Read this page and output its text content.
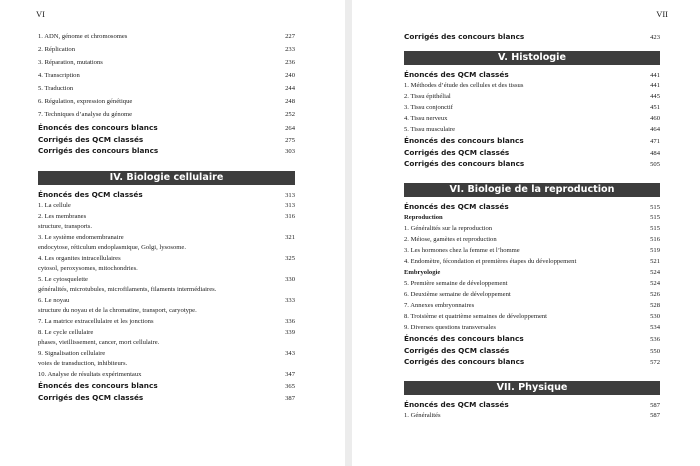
VI
1. ADN, génome et chromosomes	227
2. Réplication	233
3. Réparation, mutations	236
4. Transcription	240
5. Traduction	244
6. Régulation, expression génétique	248
7. Techniques d’analyse du génome	252
Énoncés des concours blancs	264
Corrigés des QCM classés	275
Corrigés des concours blancs	303
IV. Biologie cellulaire
Énoncés des QCM classés	313
1. La cellule	313
2. Les membranes	316
structure, transports.
3. Le système endomembranaire	321
endocytose, réticulum endoplasmique, Golgi, lysosome.
4. Les organites intracellulaires	325
cytosol, peroxysomes, mitochondries.
5. Le cytosquelette	330
généralités, microtubules, microfilaments, filaments intermédiaires.
6. Le noyau	333
structure du noyau et de la chromatine, transport, caryotype.
7. La matrice extracellulaire et les jonctions	336
8. Le cycle cellulaire	339
phases, vieillissement, cancer, mort cellulaire.
9. Signalisation cellulaire	343
voies de transduction, inhibiteurs.
10. Analyse de résultats expérimentaux	347
Énoncés des concours blancs	365
Corrigés des QCM classés	387
VII
Corrigés des concours blancs	423
V. Histologie
Énoncés des QCM classés	441
1. Méthodes d’étude des cellules et des tissus	441
2. Tissu épithélial	445
3. Tissu conjonctif	451
4. Tissu nerveux	460
5. Tissu musculaire	464
Énoncés des concours blancs	471
Corrigés des QCM classés	484
Corrigés des concours blancs	505
VI. Biologie de la reproduction
Énoncés des QCM classés	515
Reproduction	515
1. Généralités sur la reproduction	515
2. Méiose, gamètes et reproduction	516
3. Les hormones chez la femme et l’homme	519
4. Endomètre, fécondation et premières étapes du développement	521
Embryologie	524
5. Première semaine de développement	524
6. Deuxième semaine de développement	526
7. Annexes embryonnaires	528
8. Troisième et quatrième semaines de développement	530
9. Diverses questions transversales	534
Énoncés des concours blancs	536
Corrigés des QCM classés	550
Corrigés des concours blancs	572
VII. Physique
Énoncés des QCM classés	587
1. Généralités	587
